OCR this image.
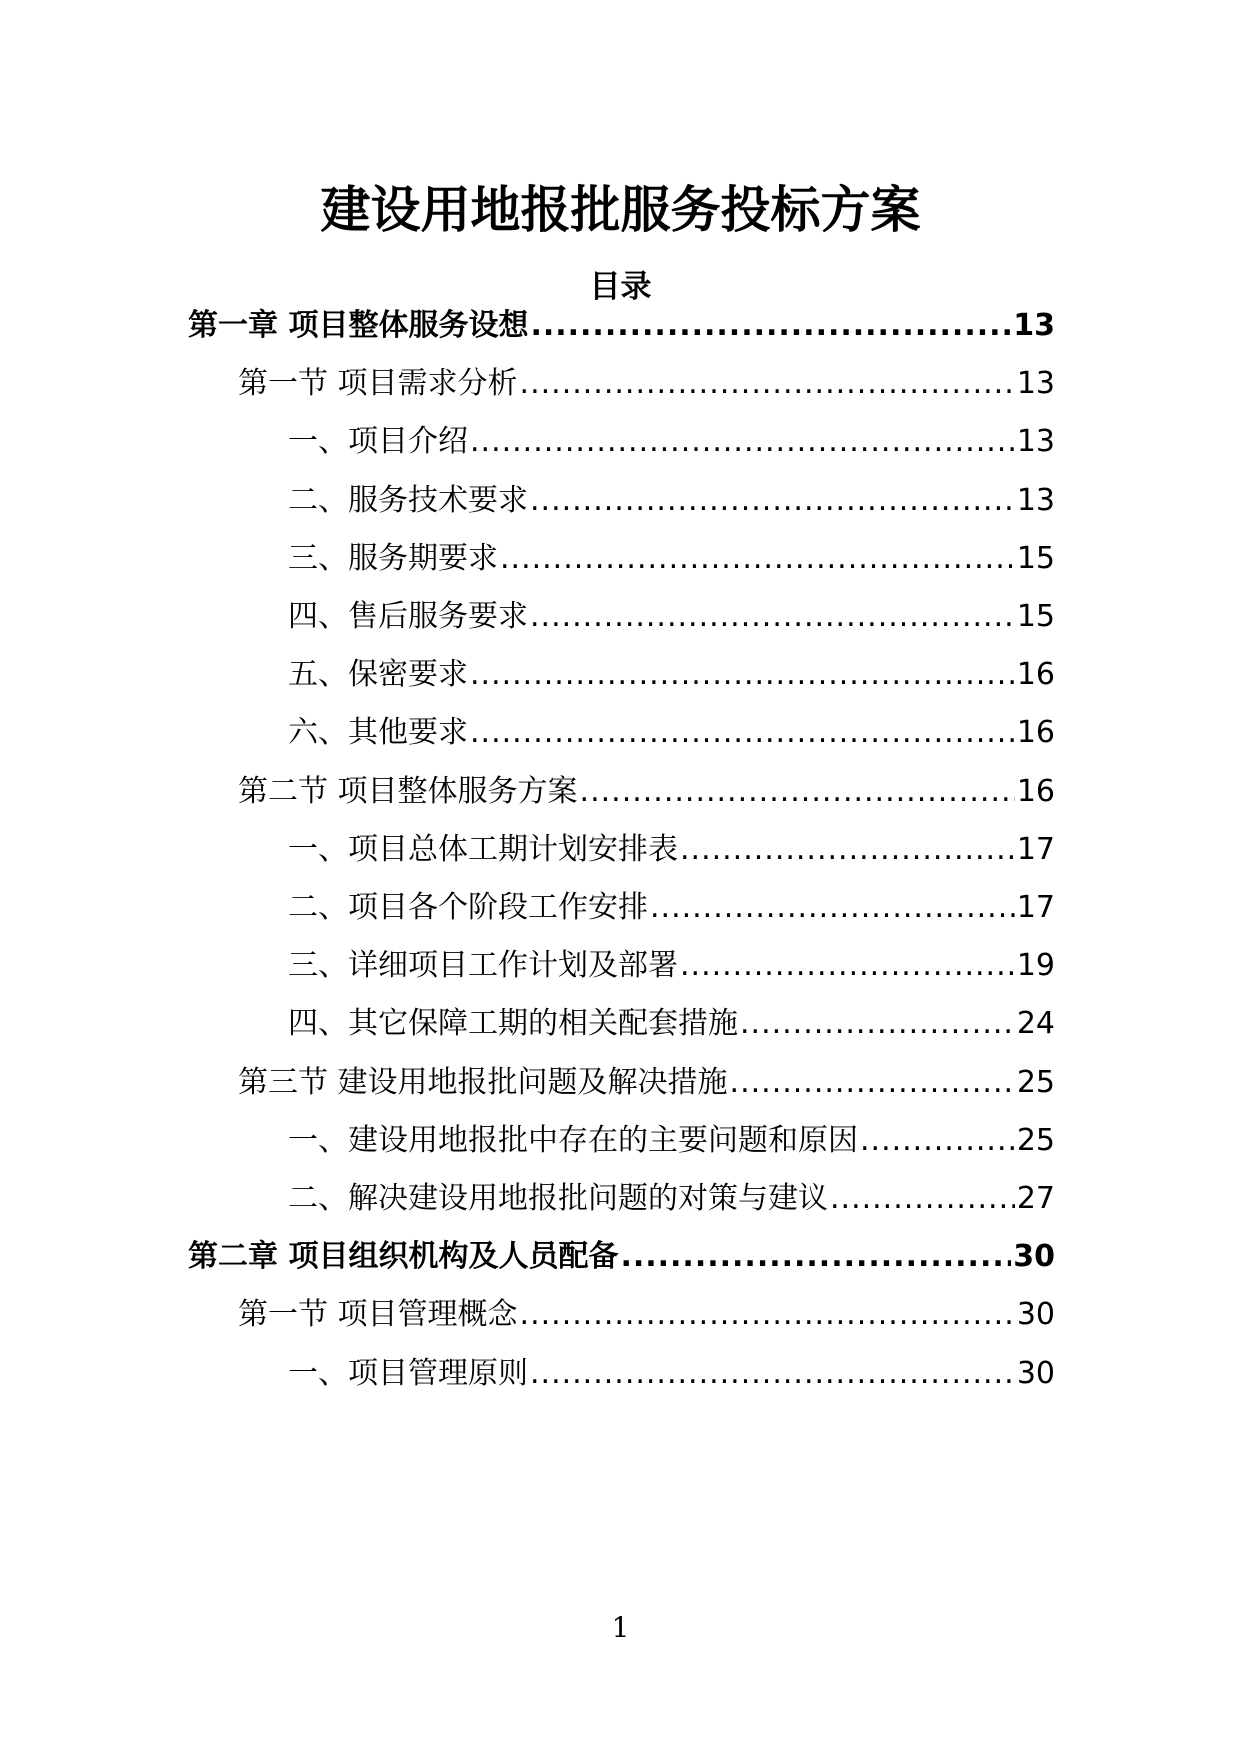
建设用地报批服务投标方案
目录
第一章 项目整体服务设想 .....	13
第一节 项目需求分析 .....	13
一、项目介绍 .....	13
二、服务技术要求 .....	13
三、服务期要求 .....	15
四、售后服务要求 .....	15
五、保密要求 .....	16
六、其他要求 .....	16
第二节 项目整体服务方案 .....	16
一、项目总体工期计划安排表 .....	17
二、项目各个阶段工作安排 .....	17
三、详细项目工作计划及部署 .....	19
四、其它保障工期的相关配套措施 .....	24
第三节 建设用地报批问题及解决措施 .....	25
一、建设用地报批中存在的主要问题和原因 .....	25
二、解决建设用地报批问题的对策与建议 .....	27
第二章 项目组织机构及人员配备 .....	30
第一节 项目管理概念 .....	30
一、项目管理原则 .....	30
1
